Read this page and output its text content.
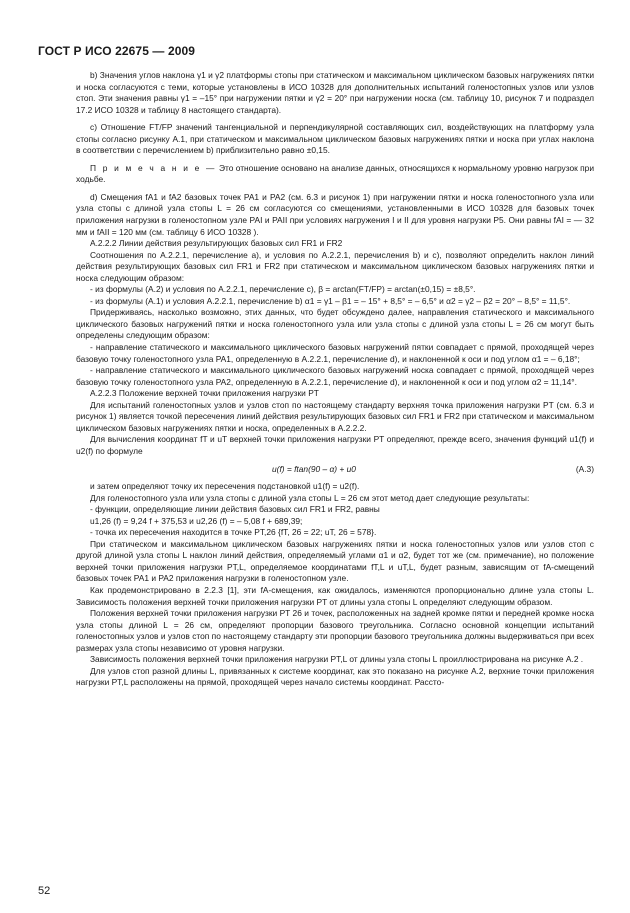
ГОСТ Р ИСО 22675 — 2009

b) Значения углов наклона γ1 и γ2 платформы стопы при статическом и максимальном циклическом базовых нагружениях пятки и носка согласуются с теми, которые установлены в ИСО 10328 для дополнительных испытаний голеностопных узлов или узлов стоп. Эти значения равны γ1 = –15° при нагружении пятки и γ2 = 20° при нагружении носка (см. таблицу 10, рисунок 7 и подраздел 17.2 ИСО 10328 и таблицу 8 настоящего стандарта).

c) Отношение FT/FP значений тангенциальной и перпендикулярной составляющих сил, воздействующих на платформу узла стопы согласно рисунку А.1, при статическом и максимальном циклическом базовых нагружениях пятки и носка при углах наклона в соответствии с перечислением b) приблизительно равно ±0,15.

П р и м е ч а н и е — Это отношение основано на анализе данных, относящихся к нормальному уровню нагрузок при ходьбе.

d) Смещения fA1 и fA2 базовых точек PA1 и PA2 (см. 6.3 и рисунок 1) при нагружении пятки и носка голеностопного узла или узла стопы с длиной узла стопы L = 26 см согласуются со смещениями, установленными в ИСО 10328 для базовых точек приложения нагрузки в голеностопном узле PAI и PAII при условиях нагружения I и II для уровня нагрузки Р5. Они равны fAI = — 32 мм и fAII = 120 мм (см. таблицу 6 ИСО 10328 ).

А.2.2.2 Линии действия результирующих базовых сил FR1 и FR2

Соотношения по А.2.2.1, перечисление а), и условия по А.2.2.1, перечисления b) и c), позволяют определить наклон линий действия результирующих базовых сил FR1 и FR2 при статическом и максимальном циклическом базовых нагружениях пятки и носка следующим образом:

- из формулы (А.2) и условия по А.2.2.1, перечисление c), β = arctan(FT/FP) = arctan(±0,15) = ±8,5°.

- из формулы (А.1) и условия А.2.2.1, перечисление b) α1 = γ1 – β1 = – 15° + 8,5° = – 6,5° и α2 = γ2 – β2 = 20° – 8,5° = 11,5°.

Придерживаясь, насколько возможно, этих данных, что будет обсуждено далее, направления статического и максимального циклического базовых нагружений пятки и носка голеностопного узла или узла стопы с длиной узла стопы L = 26 см могут быть определены следующим образом:

- направление статического и максимального циклического базовых нагружений пятки совпадает с прямой, проходящей через базовую точку голеностопного узла PA1, определенную в А.2.2.1, перечисление d), и наклоненной к оси и под углом α1 = – 6,18°;

- направление статического и максимального циклического базовых нагружений носка совпадает с прямой, проходящей через базовую точку голеностопного узла PA2, определенную в А.2.2.1, перечисление d), и наклоненной к оси и под углом α2 = 11,14°.

А.2.2.3 Положение верхней точки приложения нагрузки PT

Для испытаний голеностопных узлов и узлов стоп по настоящему стандарту верхняя точка приложения нагрузки PT (см. 6.3 и рисунок 1) является точкой пересечения линий действия результирующих базовых сил FR1 и FR2 при статическом и максимальном циклическом базовых нагружениях пятки и носка, определенных в А.2.2.2.

Для вычисления координат fT и uT верхней точки приложения нагрузки PT определяют, прежде всего, значения функций u1(f) и u2(f) по формуле

u(f) = ftan(90 – α) + u0	(А.3)

и затем определяют точку их пересечения подстановкой u1(f) = u2(f).

Для голеностопного узла или узла стопы с длиной узла стопы L = 26 см этот метод дает следующие результаты:

- функции, определяющие линии действия базовых сил FR1 и FR2, равны

u1,26 (f) = 9,24 f + 375,53 и u2,26 (f) = – 5,08 f + 689,39;

- точка их пересечения находится в точке PT,26 {fT, 26 = 22; uT, 26 = 578}.

При статическом и максимальном циклическом базовых нагружениях пятки и носка голеностопных узлов или узлов стоп с другой длиной узла стопы L наклон линий действия, определяемый углами α1 и α2, будет тот же (см. примечание), но положение верхней точки приложения нагрузки PT,L, определяемое координатами fT,L и uT,L, будет разным, зависящим от fA-смещений базовых точек PA1 и PA2 приложения нагрузки в голеностопном узле.

Как продемонстрировано в 2.2.3 [1], эти fA-смещения, как ожидалось, изменяются пропорционально длине узла стопы L. Зависимость положения верхней точки приложения нагрузки PT от длины узла стопы L определяют следующим образом.

Положения верхней точки приложения нагрузки PT 26 и точек, расположенных на задней кромке пятки и передней кромке носка узла стопы длиной L = 26 см, определяют пропорции базового треугольника. Согласно основной концепции испытаний голеностопных узлов и узлов стоп по настоящему стандарту эти пропорции базового треугольника должны выдерживаться при всех размерах узла стопы независимо от уровня нагрузки.

Зависимость положения верхней точки приложения нагрузки PT,L от длины узла стопы L проиллюстрирована на рисунке А.2 .

Для узлов стоп разной длины L, привязанных к системе координат, как это показано на рисунке А.2, верхние точки приложения нагрузки PT,L расположены на прямой, проходящей через начало системы координат. Рассто-

52
